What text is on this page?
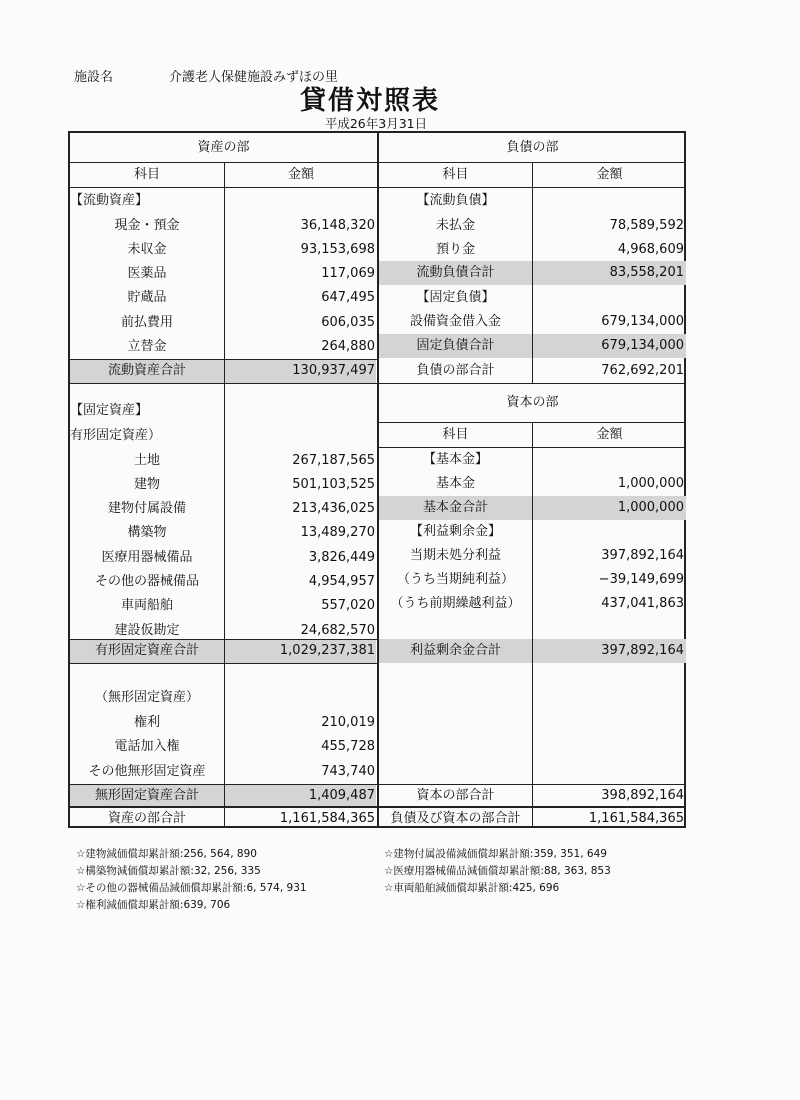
施設名	介護老人保健施設みずほの里
貸借対照表
平成26年3月31日
資産の部	負債の部
科目	金額	科目	金額
【流動資産】
現金・預金	36,148,320
未収金	93,153,698
医薬品	117,069
貯蔵品	647,495
前払費用	606,035
立替金	264,880
流動資産合計	130,937,497
【固定資産】
有形固定資産）
土地	267,187,565
建物	501,103,525
建物付属設備	213,436,025
構築物	13,489,270
医療用器械備品	3,826,449
その他の器械備品	4,954,957
車両船舶	557,020
建設仮勘定	24,682,570
有形固定資産合計	1,029,237,381
（無形固定資産）
権利	210,019
電話加入権	455,728
その他無形固定資産	743,740
無形固定資産合計	1,409,487
資産の部合計	1,161,584,365
【流動負債】
未払金	78,589,592
預り金	4,968,609
流動負債合計	83,558,201
【固定負債】
設備資金借入金	679,134,000
固定負債合計	679,134,000
負債の部合計	762,692,201
資本の部
科目	金額
【基本金】
基本金	1,000,000
基本金合計	1,000,000
【利益剰余金】
当期未処分利益	397,892,164
（うち当期純利益）	−39,149,699
（うち前期繰越利益）	437,041,863
利益剰余金合計	397,892,164
資本の部合計	398,892,164
負債及び資本の部合計	1,161,584,365
☆建物減価償却累計額:256, 564, 890	☆建物付属設備減価償却累計額:359, 351, 649
☆構築物減価償却累計額:32, 256, 335	☆医療用器械備品減価償却累計額:88, 363, 853
☆その他の器械備品減価償却累計額:6, 574, 931	☆車両船舶減価償却累計額:425, 696
☆権利減価償却累計額:639, 706
